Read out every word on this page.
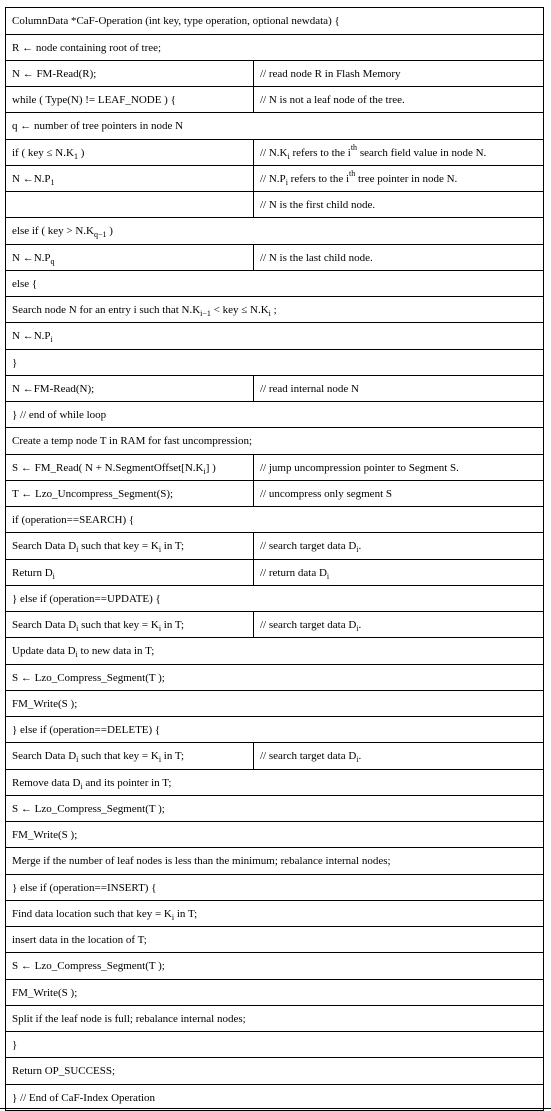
ColumnData *CaF-Operation (int key, type operation, optional newdata) {	
R ← node containing root of tree;	
N ← FM-Read(R);	// read node R in Flash Memory
while ( Type(N) != LEAF_NODE ) {	// N is not a leaf node of the tree.
q ← number of tree pointers in node N	
if ( key ≤ $N.K_1$ )	// $N.K_i$ refers to the $i^{th}$ search field value in node N.
N $\leftarrow N.P_1$	// $N.P_i$ refers to the $i^{th}$ tree pointer in node N.
	// N is the first child node.
else if ( key > $N.K_{q-1}$ )	
N $\leftarrow N.P_q$	// N is the last child node.
else {	
Search node N for an entry i such that $N.K_{i-1}$ < key ≤ $N.K_i$ ;	
N $\leftarrow N.P_i$
}	
N ←FM-Read(N);	// read internal node N
} // end of while loop	
Create a temp node T in RAM for fast uncompression;	
S ← FM_Read( $N + N.SegmentOffset[N.K_i]$ )	// jump uncompression pointer to Segment S.
T ← Lzo_Uncompress_Segment(S);	// uncompress only segment S
if (operation==SEARCH) {	
Search Data $D_i$ such that key = $K_i$ in T;	// search target data $D_i$.
Return $D_i$	// return data $D_i$
} else if (operation==UPDATE) {	
Search Data $D_i$ such that key = $K_i$ in T;	// search target data $D_i$.
Update data $D_i$ to new data in T;	
S ← Lzo_Compress_Segment(T );	
FM_Write(S );	
} else if (operation==DELETE) {	
Search Data $D_i$ such that key = $K_i$ in T;	// search target data $D_i$.
Remove data $D_i$ and its pointer in T;	
S ← Lzo_Compress_Segment(T );	
FM_Write(S );	
Merge if the number of leaf nodes is less than the minimum; rebalance internal nodes;	
} else if (operation==INSERT) {	
Find data location such that key = $K_i$ in T;	
insert data in the location of T;	
S ← Lzo_Compress_Segment(T );	
FM_Write(S );	
Split if the leaf node is full; rebalance internal nodes;	
}	
Return OP_SUCCESS;	
} // End of CaF-Index Operation	
